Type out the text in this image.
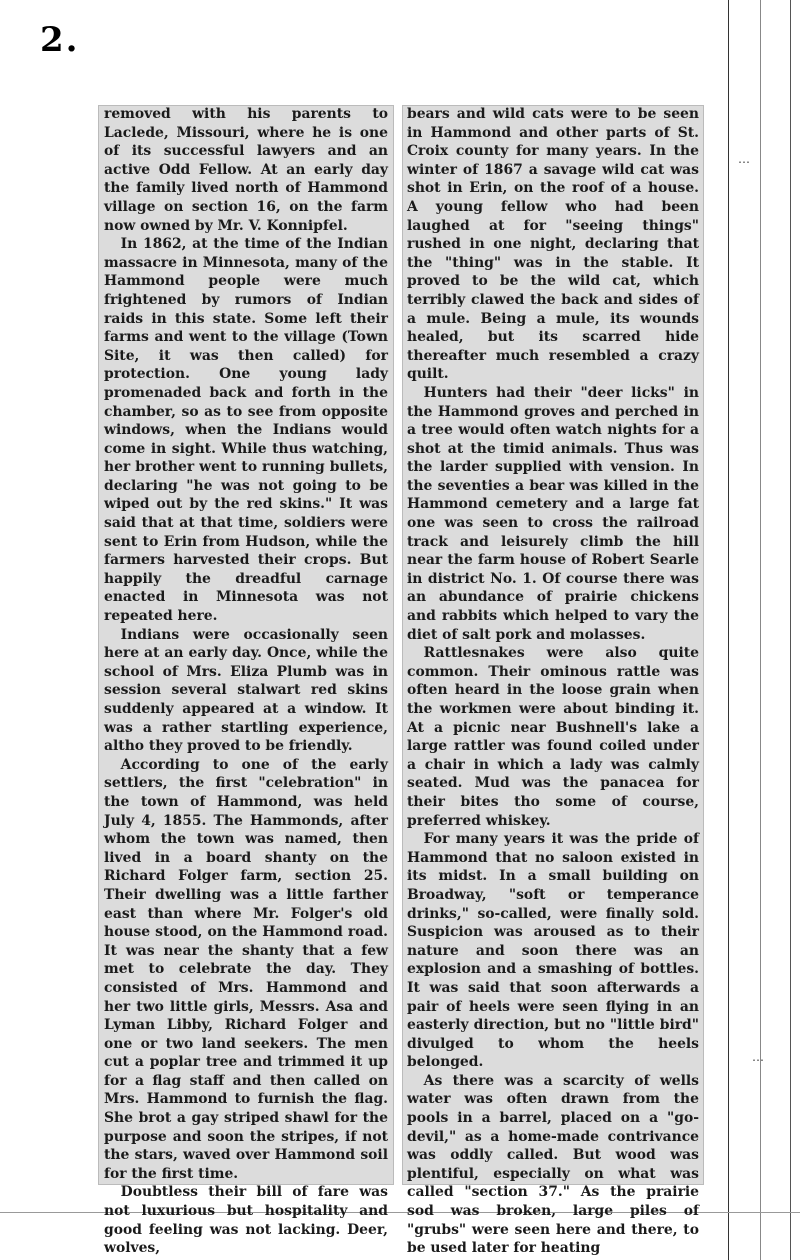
2.
…
…

removed with his parents to Laclede, Missouri, where he is one of its successful lawyers and an active Odd Fellow. At an early day the family lived north of Hammond village on section 16, on the farm now owned by Mr. V. Konnipfel.

In 1862, at the time of the Indian massacre in Minnesota, many of the Hammond people were much frightened by rumors of Indian raids in this state. Some left their farms and went to the village (Town Site, it was then called) for protection. One young lady promenaded back and forth in the chamber, so as to see from opposite windows, when the Indians would come in sight. While thus watching, her brother went to running bullets, declaring "he was not going to be wiped out by the red skins." It was said that at that time, soldiers were sent to Erin from Hudson, while the farmers harvested their crops. But happily the dreadful carnage enacted in Minnesota was not repeated here.

Indians were occasionally seen here at an early day. Once, while the school of Mrs. Eliza Plumb was in session several stalwart red skins suddenly appeared at a window. It was a rather startling experience, altho they proved to be friendly.

According to one of the early settlers, the first "celebration" in the town of Hammond, was held July 4, 1855. The Hammonds, after whom the town was named, then lived in a board shanty on the Richard Folger farm, section 25. Their dwelling was a little farther east than where Mr. Folger's old house stood, on the Hammond road. It was near the shanty that a few met to celebrate the day. They consisted of Mrs. Hammond and her two little girls, Messrs. Asa and Lyman Libby, Richard Folger and one or two land seekers. The men cut a poplar tree and trimmed it up for a flag staff and then called on Mrs. Hammond to furnish the flag. She brot a gay striped shawl for the purpose and soon the stripes, if not the stars, waved over Hammond soil for the first time.

Doubtless their bill of fare was not luxurious but hospitality and good feeling was not lacking. Deer, wolves,

bears and wild cats were to be seen in Hammond and other parts of St. Croix county for many years. In the winter of 1867 a savage wild cat was shot in Erin, on the roof of a house. A young fellow who had been laughed at for "seeing things" rushed in one night, declaring that the "thing" was in the stable. It proved to be the wild cat, which terribly clawed the back and sides of a mule. Being a mule, its wounds healed, but its scarred hide thereafter much resembled a crazy quilt.

Hunters had their "deer licks" in the Hammond groves and perched in a tree would often watch nights for a shot at the timid animals. Thus was the larder supplied with vension. In the seventies a bear was killed in the Hammond cemetery and a large fat one was seen to cross the railroad track and leisurely climb the hill near the farm house of Robert Searle in district No. 1. Of course there was an abundance of prairie chickens and rabbits which helped to vary the diet of salt pork and molasses.

Rattlesnakes were also quite common. Their ominous rattle was often heard in the loose grain when the workmen were about binding it. At a picnic near Bushnell's lake a large rattler was found coiled under a chair in which a lady was calmly seated. Mud was the panacea for their bites tho some of course, preferred whiskey.

For many years it was the pride of Hammond that no saloon existed in its midst. In a small building on Broadway, "soft or temperance drinks," so-called, were finally sold. Suspicion was aroused as to their nature and soon there was an explosion and a smashing of bottles. It was said that soon afterwards a pair of heels were seen flying in an easterly direction, but no "little bird" divulged to whom the heels belonged.

As there was a scarcity of wells water was often drawn from the pools in a barrel, placed on a "go-devil," as a home-made contrivance was oddly called. But wood was plentiful, especially on what was called "section 37." As the prairie sod was broken, large piles of "grubs" were seen here and there, to be used later for heating
